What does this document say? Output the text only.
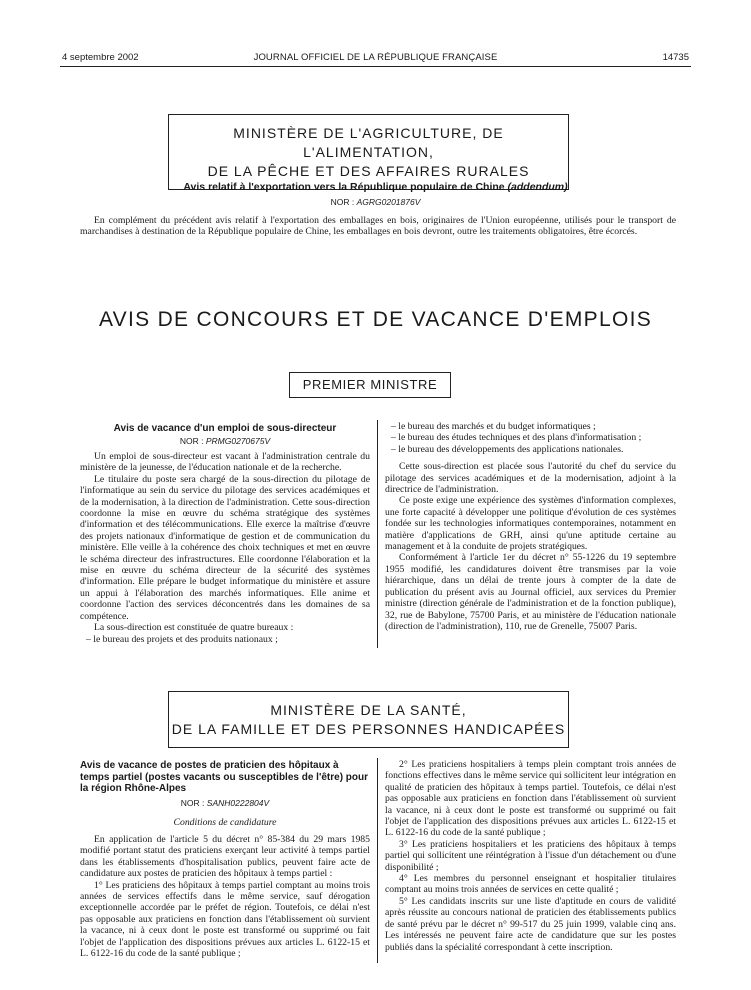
4 septembre 2002	JOURNAL OFFICIEL DE LA RÉPUBLIQUE FRANÇAISE	14735
MINISTÈRE DE L'AGRICULTURE, DE L'ALIMENTATION,
DE LA PÊCHE ET DES AFFAIRES RURALES
Avis relatif à l'exportation vers la République populaire de Chine (addendum)
NOR : AGRG0201876V

En complément du précédent avis relatif à l'exportation des emballages en bois, originaires de l'Union européenne, utilisés pour le transport de marchandises à destination de la République populaire de Chine, les emballages en bois devront, outre les traitements obligatoires, être écorcés.

AVIS DE CONCOURS ET DE VACANCE D'EMPLOIS
PREMIER MINISTRE
Avis de vacance d'un emploi de sous-directeur
NOR : PRMG0270675V

Un emploi de sous-directeur est vacant à l'administration centrale du ministère de la jeunesse, de l'éducation nationale et de la recherche.

Le titulaire du poste sera chargé de la sous-direction du pilotage de l'informatique au sein du service du pilotage des services académiques et de la modernisation, à la direction de l'administration. Cette sous-direction coordonne la mise en œuvre du schéma stratégique des systèmes d'information et des télécommunications. Elle exerce la maîtrise d'œuvre des projets nationaux d'informatique de gestion et de communication du ministère. Elle veille à la cohérence des choix techniques et met en œuvre le schéma directeur des infrastructures. Elle coordonne l'élaboration et la mise en œuvre du schéma directeur de la sécurité des systèmes d'information. Elle prépare le budget informatique du ministère et assure un appui à l'élaboration des marchés informatiques. Elle anime et coordonne l'action des services déconcentrés dans les domaines de sa compétence.

La sous-direction est constituée de quatre bureaux :

– le bureau des projets et des produits nationaux ;

– le bureau des marchés et du budget informatiques ;

– le bureau des études techniques et des plans d'informatisation ;

– le bureau des développements des applications nationales.

Cette sous-direction est placée sous l'autorité du chef du service du pilotage des services académiques et de la modernisation, adjoint à la directrice de l'administration.

Ce poste exige une expérience des systèmes d'information complexes, une forte capacité à développer une politique d'évolution de ces systèmes fondée sur les technologies informatiques contemporaines, notamment en matière d'applications de GRH, ainsi qu'une aptitude certaine au management et à la conduite de projets stratégiques.

Conformément à l'article 1er du décret n° 55-1226 du 19 septembre 1955 modifié, les candidatures doivent être transmises par la voie hiérarchique, dans un délai de trente jours à compter de la date de publication du présent avis au Journal officiel, aux services du Premier ministre (direction générale de l'administration et de la fonction publique), 32, rue de Babylone, 75700 Paris, et au ministère de l'éducation nationale (direction de l'administration), 110, rue de Grenelle, 75007 Paris.

MINISTÈRE DE LA SANTÉ,
DE LA FAMILLE ET DES PERSONNES HANDICAPÉES
Avis de vacance de postes de praticien des hôpitaux à temps partiel (postes vacants ou susceptibles de l'être) pour la région Rhône-Alpes
NOR : SANH0222804V
Conditions de candidature

En application de l'article 5 du décret n° 85-384 du 29 mars 1985 modifié portant statut des praticiens exerçant leur activité à temps partiel dans les établissements d'hospitalisation publics, peuvent faire acte de candidature aux postes de praticien des hôpitaux à temps partiel :

1° Les praticiens des hôpitaux à temps partiel comptant au moins trois années de services effectifs dans le même service, sauf dérogation exceptionnelle accordée par le préfet de région. Toutefois, ce délai n'est pas opposable aux praticiens en fonction dans l'établissement où survient la vacance, ni à ceux dont le poste est transformé ou supprimé ou fait l'objet de l'application des dispositions prévues aux articles L. 6122-15 et L. 6122-16 du code de la santé publique ;

2° Les praticiens hospitaliers à temps plein comptant trois années de fonctions effectives dans le même service qui sollicitent leur intégration en qualité de praticien des hôpitaux à temps partiel. Toutefois, ce délai n'est pas opposable aux praticiens en fonction dans l'établissement où survient la vacance, ni à ceux dont le poste est transformé ou supprimé ou fait l'objet de l'application des dispositions prévues aux articles L. 6122-15 et L. 6122-16 du code de la santé publique ;

3° Les praticiens hospitaliers et les praticiens des hôpitaux à temps partiel qui sollicitent une réintégration à l'issue d'un détachement ou d'une disponibilité ;

4° Les membres du personnel enseignant et hospitalier titulaires comptant au moins trois années de services en cette qualité ;

5° Les candidats inscrits sur une liste d'aptitude en cours de validité après réussite au concours national de praticien des établissements publics de santé prévu par le décret n° 99-517 du 25 juin 1999, valable cinq ans. Les intéressés ne peuvent faire acte de candidature que sur les postes publiés dans la spécialité correspondant à cette inscription.
